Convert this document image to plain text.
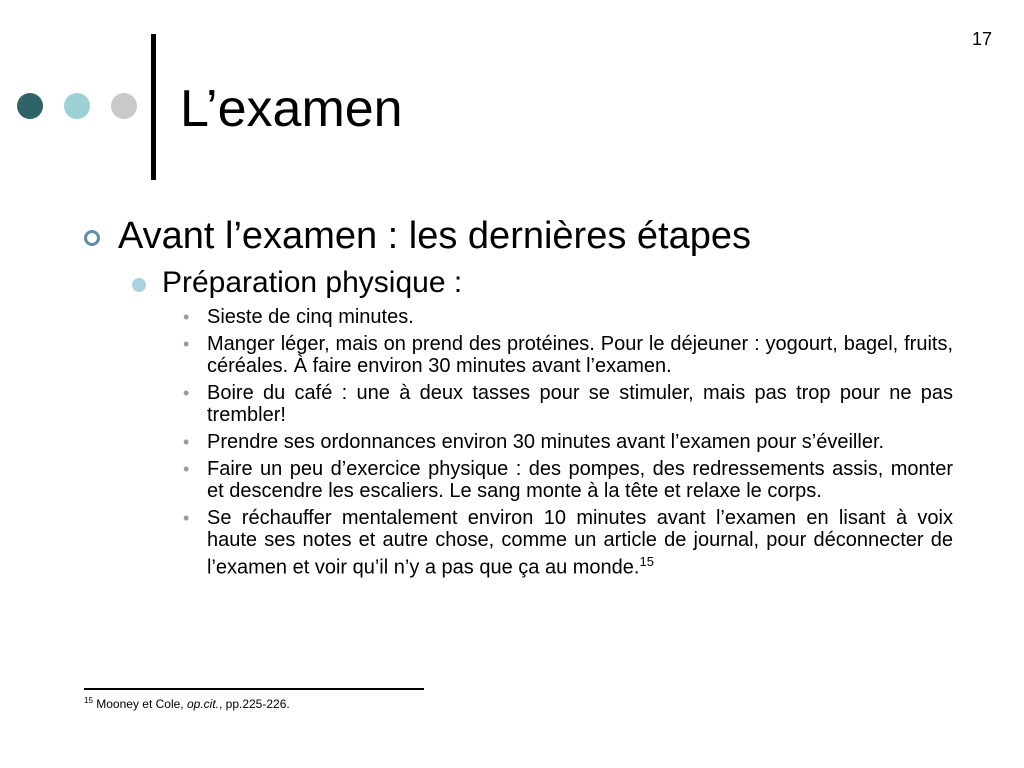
17
L’examen
Avant l’examen : les dernières étapes
Préparation physique :
• Sieste de cinq minutes.
• Manger léger, mais on prend des protéines. Pour le déjeuner : yogourt, bagel, fruits, céréales. À faire environ 30 minutes avant l’examen.
• Boire du café : une à deux tasses pour se stimuler, mais pas trop pour ne pas trembler!
• Prendre ses ordonnances environ 30 minutes avant l’examen pour s’éveiller.
• Faire un peu d’exercice physique : des pompes, des redressements assis, monter et descendre les escaliers. Le sang monte à la tête et relaxe le corps.
• Se réchauffer mentalement environ 10 minutes avant l’examen en lisant à voix haute ses notes et autre chose, comme un article de journal, pour déconnecter de l’examen et voir qu’il n’y a pas que ça au monde.$^{15}$
$^{15}$ Mooney et Cole, op.cit., pp.225-226.
